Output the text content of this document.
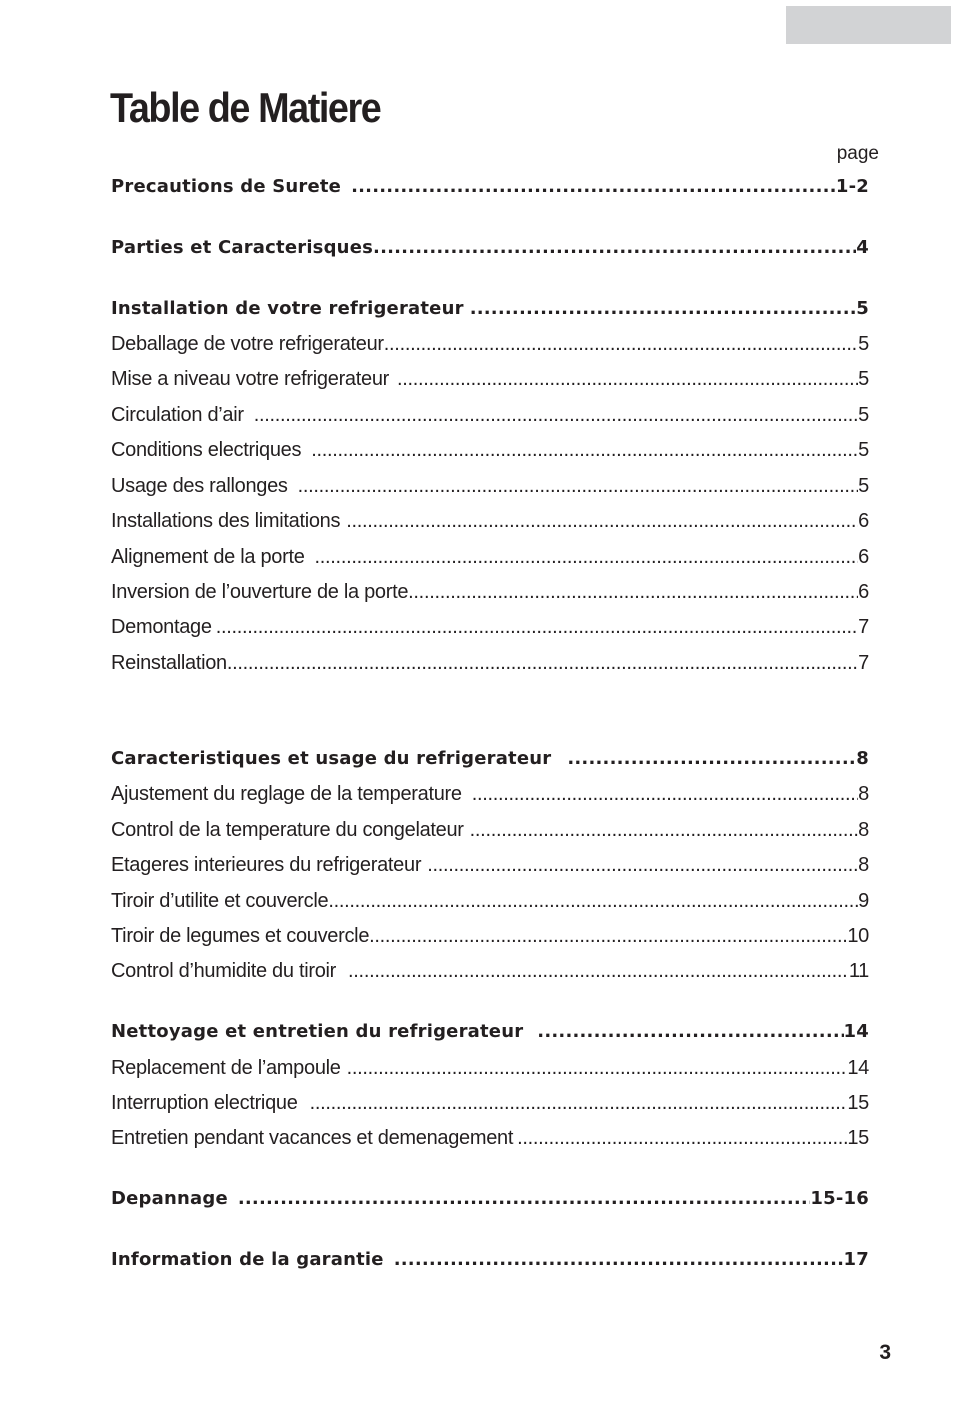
Table de Matiere
page
Precautions de Surete .....	1-2
Parties et Caracterisques .....	4
Installation de votre refrigerateur .....	5
Deballage de votre refrigerateur .....	5
Mise a niveau votre refrigerateur .....	5
Circulation d’air .....	5
Conditions electriques .....	5
Usage des rallonges .....	5
Installations des limitations .....	6
Alignement de la porte .....	6
Inversion de l’ouverture de la porte .....	6
Demontage .....	7
Reinstallation .....	7
Caracteristiques et usage du refrigerateur .....	8
Ajustement du reglage de la temperature .....	8
Control de la temperature du congelateur .....	8
Etageres interieures du refrigerateur .....	8
Tiroir d’utilite et couvercle .....	9
Tiroir de legumes et couvercle .....	10
Control d’humidite du tiroir .....	11
Nettoyage et entretien du refrigerateur .....	14
Replacement de l’ampoule .....	14
Interruption electrique .....	15
Entretien pendant vacances et demenagement .....	15
Depannage .....	15-16
Information de la garantie .....	17
3
